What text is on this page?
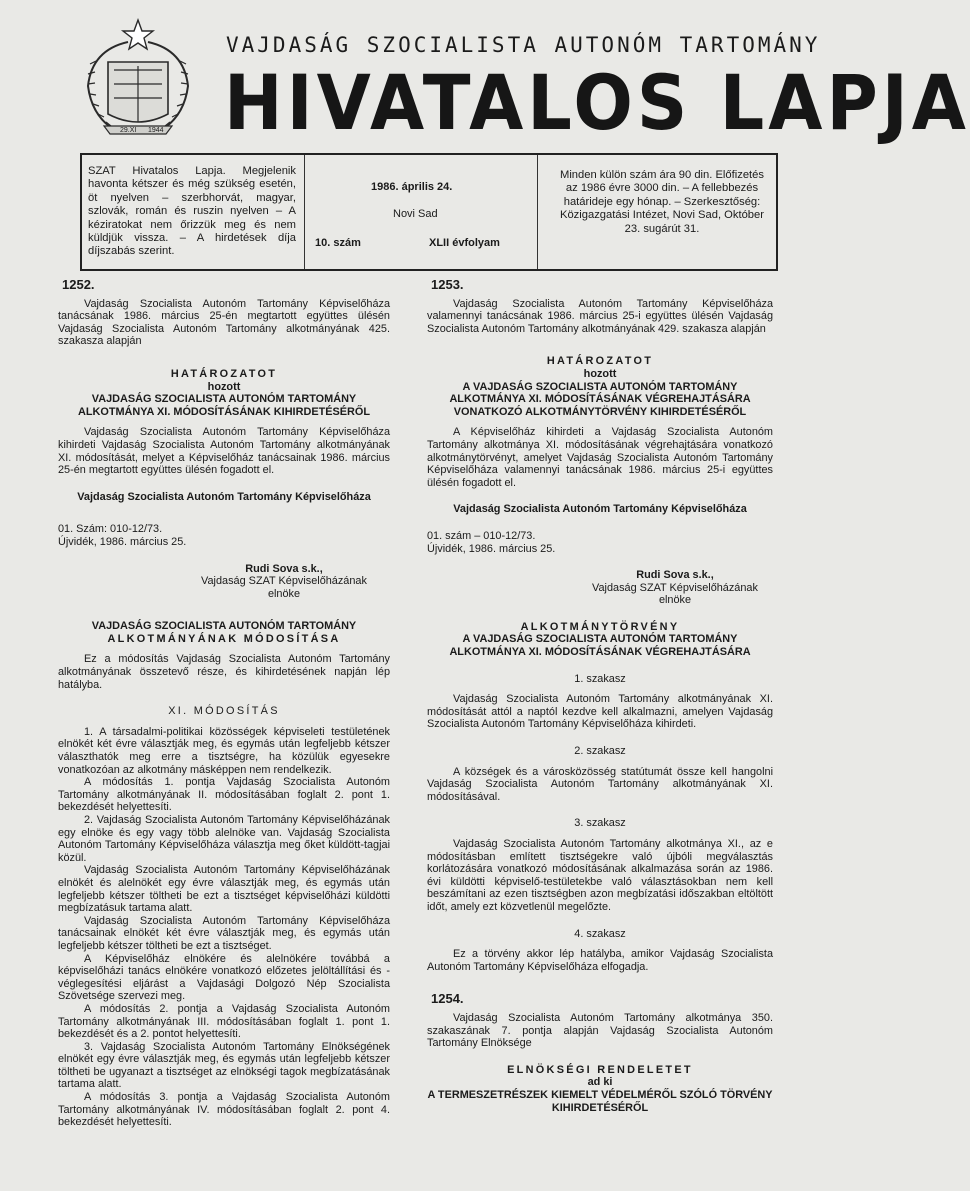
29.XI 1944
VAJDASÁG SZOCIALISTA AUTONÓM TARTOMÁNY
HIVATALOS LAPJA

SZAT Hivatalos Lapja. Megjelenik havonta kétszer és még szükség esetén, öt nyelven – szerbhorvát, magyar, szlovák, román és ruszin nyelven – A kéziratokat nem őrizzük meg és nem küldjük vissza. – A hirdetések díja díjszabás szerint.

1986. április 24.
Novi Sad
10. szám	XLII évfolyam

Minden külön szám ára 90 din. Előfizetés az 1986 évre 3000 din. – A fellebbezés határideje egy hónap. – Szerkesztőség: Közigazgatási Intézet, Novi Sad, Október 23. sugárút 31.

1252.

Vajdaság Szocialista Autonóm Tartomány Képviselőháza tanácsának 1986. március 25-én megtartott együttes ülésén Vajdaság Szocialista Autonóm Tartomány alkotmányának 425. szakasza alapján

HATÁROZATOT

hozott

VAJDASÁG SZOCIALISTA AUTONÓM TARTOMÁNY ALKOTMÁNYA XI. MÓDOSÍTÁSÁNAK KIHIRDETÉSÉRŐL

Vajdaság Szocialista Autonóm Tartomány Képviselőháza kihirdeti Vajdaság Szocialista Autonóm Tartomány alkotmányának XI. módosítását, melyet a Képviselőház tanácsainak 1986. március 25-én megtartott együttes ülésén fogadott el.

Vajdaság Szocialista Autonóm Tartomány Képviselőháza

01. Szám: 010-12/73.

Újvidék, 1986. március 25.

Rudi Sova s.k.,

Vajdaság SZAT Képviselőházának

elnöke

VAJDASÁG SZOCIALISTA AUTONÓM TARTOMÁNY

ALKOTMÁNYÁNAK MÓDOSÍTÁSA

Ez a módosítás Vajdaság Szocialista Autonóm Tartomány alkotmányának összetevő része, és kihirdetésének napján lép hatályba.

XI. MÓDOSÍTÁS

1. A társadalmi-politikai közösségek képviseleti testületének elnökét két évre választják meg, és egymás után legfeljebb kétszer választhatók meg erre a tisztségre, ha közülük egyesekre vonatkozóan az alkotmány másképpen nem rendelkezik.

A módosítás 1. pontja Vajdaság Szocialista Autonóm Tartomány alkotmányának II. módosításában foglalt 2. pont 1. bekezdését helyettesíti.

2. Vajdaság Szocialista Autonóm Tartomány Képviselőházának egy elnöke és egy vagy több alelnöke van. Vajdaság Szocialista Autonóm Tartomány Képviselőháza választja meg őket küldött-tagjai közül.

Vajdaság Szocialista Autonóm Tartomány Képviselőházának elnökét és alelnökét egy évre választják meg, és egymás után legfeljebb kétszer töltheti be ezt a tisztséget képviselőházi küldötti megbízatásuk tartama alatt.

Vajdaság Szocialista Autonóm Tartomány Képviselőháza tanácsainak elnökét két évre választják meg, és egymás után legfeljebb kétszer töltheti be ezt a tisztséget.

A Képviselőház elnökére és alelnökére továbbá a képviselőházi tanács elnökére vonatkozó előzetes jelöltállítási és -véglegesítési eljárást a Vajdasági Dolgozó Nép Szocialista Szövetsége szervezi meg.

A módosítás 2. pontja a Vajdaság Szocialista Autonóm Tartomány alkotmányának III. módosításában foglalt 1. pont 1. bekezdését és a 2. pontot helyettesíti.

3. Vajdaság Szocialista Autonóm Tartomány Elnökségének elnökét egy évre választják meg, és egymás után legfeljebb kétszer töltheti be ugyanazt a tisztséget az elnökségi tagok megbízatásának tartama alatt.

A módosítás 3. pontja a Vajdaság Szocialista Autonóm Tartomány alkotmányának IV. módosításában foglalt 2. pont 4. bekezdését helyettesíti.

1253.

Vajdaság Szocialista Autonóm Tartomány Képviselőháza valamennyi tanácsának 1986. március 25-i együttes ülésén Vajdaság Szocialista Autonóm Tartomány alkotmányának 429. szakasza alapján

HATÁROZATOT

hozott

A VAJDASÁG SZOCIALISTA AUTONÓM TARTOMÁNY ALKOTMÁNYA XI. MÓDOSÍTÁSÁNAK VÉGREHAJTÁSÁRA VONATKOZÓ ALKOTMÁNYTÖRVÉNY KIHIRDETÉSÉRŐL

A Képviselőház kihirdeti a Vajdaság Szocialista Autonóm Tartomány alkotmánya XI. módosításának végrehajtására vonatkozó alkotmánytörvényt, amelyet Vajdaság Szocialista Autonóm Tartomány Képviselőháza valamennyi tanácsának 1986. március 25-i együttes ülésén fogadott el.

Vajdaság Szocialista Autonóm Tartomány Képviselőháza

01. szám – 010-12/73.

Újvidék, 1986. március 25.

Rudi Sova s.k.,

Vajdaság SZAT Képviselőházának

elnöke

ALKOTMÁNYTÖRVÉNY

A VAJDASÁG SZOCIALISTA AUTONÓM TARTOMÁNY ALKOTMÁNYA XI. MÓDOSÍTÁSÁNAK VÉGREHAJTÁSÁRA

1. szakasz

Vajdaság Szocialista Autonóm Tartomány alkotmányának XI. módosítását attól a naptól kezdve kell alkalmazni, amelyen Vajdaság Szocialista Autonóm Tartomány Képviselőháza kihirdeti.

2. szakasz

A községek és a városközösség statútumát össze kell hangolni Vajdaság Szocialista Autonóm Tartomány alkotmányának XI. módosításával.

3. szakasz

Vajdaság Szocialista Autonóm Tartomány alkotmánya XI., az e módosításban említett tisztségekre való újbóli megválasztás korlátozására vonatkozó módosításának alkalmazása során az 1986. évi küldötti képviselő-testületekbe való választásokban nem kell beszámítani az ezen tisztségben azon megbízatási időszakban eltöltött időt, amely ezt közvetlenül megelőzte.

4. szakasz

Ez a törvény akkor lép hatályba, amikor Vajdaság Szocialista Autonóm Tartomány Képviselőháza elfogadja.

1254.

Vajdaság Szocialista Autonóm Tartomány alkotmánya 350. szakaszának 7. pontja alapján Vajdaság Szocialista Autonóm Tartomány Elnöksége

ELNÖKSÉGI RENDELETET

ad ki

A TERMESZETRÉSZEK KIEMELT VÉDELMÉRŐL SZÓLÓ TÖRVÉNY KIHIRDETÉSÉRŐL
